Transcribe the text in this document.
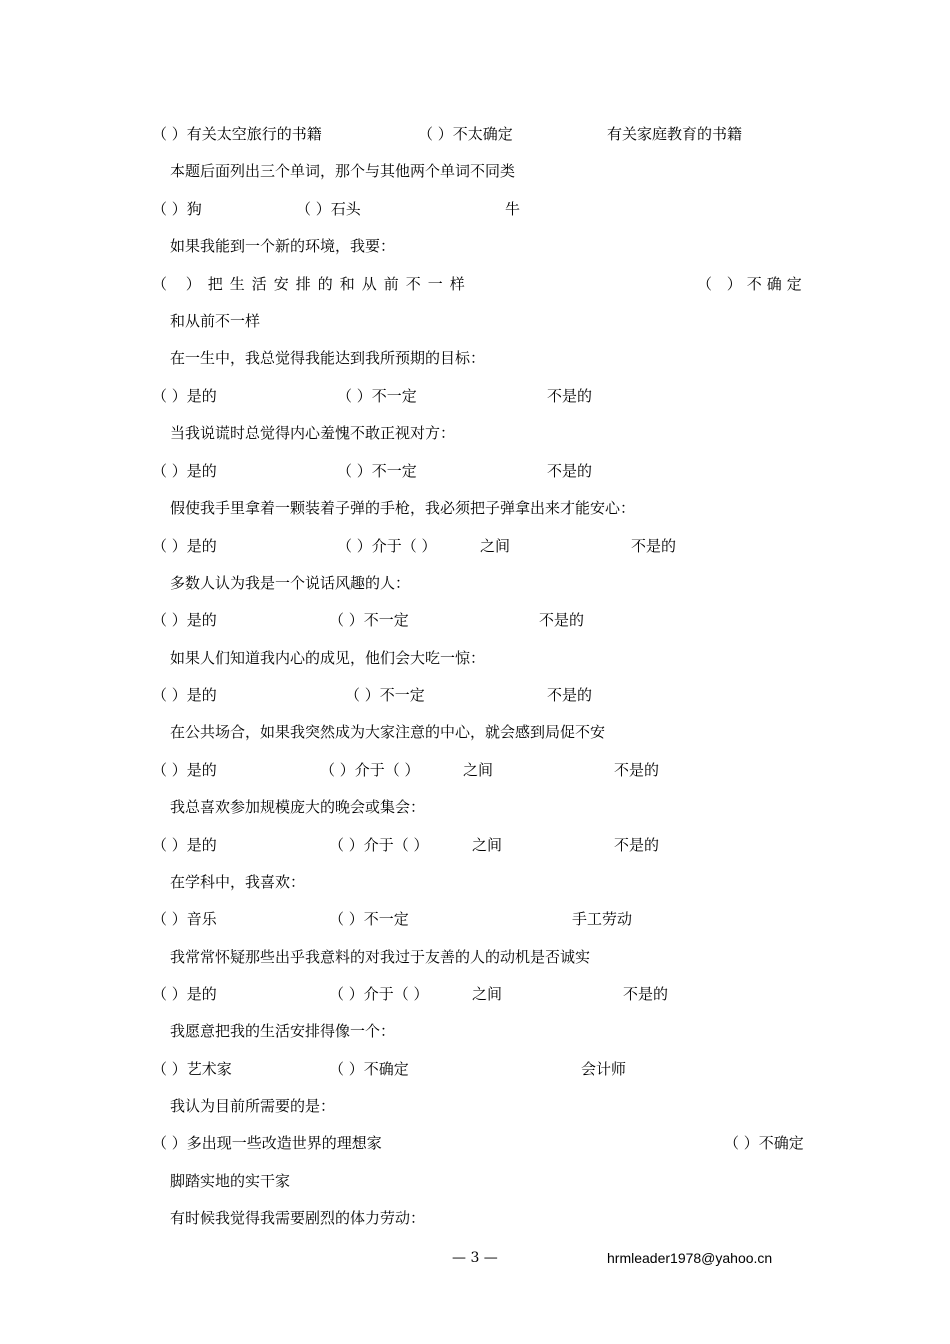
（ ）有关太空旅行的书籍	（ ）不太确定	有关家庭教育的书籍
本题后面列出三个单词，那个与其他两个单词不同类
（ ）狗	（ ）石头	牛
如果我能到一个新的环境，我要：
（ ）把生活安排的和从前不一样	（ ）不确定
和从前不一样
在一生中，我总觉得我能达到我所预期的目标：
（ ）是的	（ ）不一定	不是的
当我说谎时总觉得内心羞愧不敢正视对方：
（ ）是的	（ ）不一定	不是的
假使我手里拿着一颗装着子弹的手枪，我必须把子弹拿出来才能安心：
（ ）是的	（ ）介于（ ）	之间	不是的
多数人认为我是一个说话风趣的人：
（ ）是的	（ ）不一定	不是的
如果人们知道我内心的成见，他们会大吃一惊：
（ ）是的	（ ）不一定	不是的
在公共场合，如果我突然成为大家注意的中心，就会感到局促不安
（ ）是的	（ ）介于（ ）	之间	不是的
我总喜欢参加规模庞大的晚会或集会：
（ ）是的	（ ）介于（ ）	之间	不是的
在学科中，我喜欢：
（ ）音乐	（ ）不一定	手工劳动
我常常怀疑那些出乎我意料的对我过于友善的人的动机是否诚实
（ ）是的	（ ）介于（ ）	之间	不是的
我愿意把我的生活安排得像一个：
（ ）艺术家	（ ）不确定	会计师
我认为目前所需要的是：
（ ）多出现一些改造世界的理想家	（ ）不确定
脚踏实地的实干家
有时候我觉得我需要剧烈的体力劳动：
— 3 —	hrmleader1978@yahoo.cn
